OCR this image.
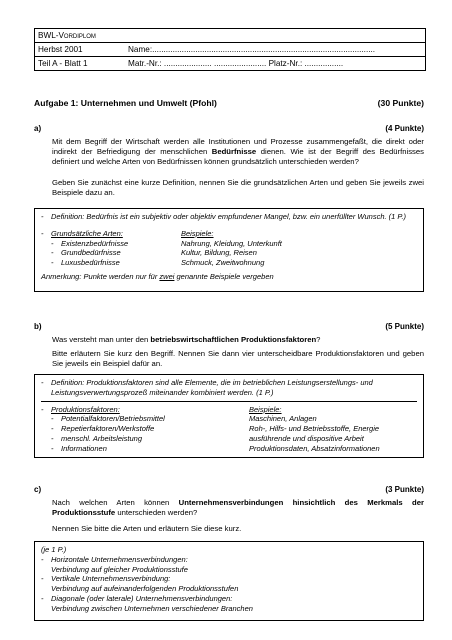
BWL-Vordiplom
Herbst 2001	Name:..................................................................................................
Teil A - Blatt 1	Matr.-Nr.: ..................... ....................... Platz-Nr.: .................
Aufgabe 1: Unternehmen und Umwelt (Pfohl)	(30 Punkte)
a)	(4 Punkte)
Mit dem Begriff der Wirtschaft werden alle Institutionen und Prozesse zusammengefaßt, die direkt oder indirekt der Befriedigung der menschlichen Bedürfnisse dienen. Wie ist der Begriff des Bedürfnisses definiert und welche Arten von Bedürfnissen können grundsätzlich unterschieden werden?
Geben Sie zunächst eine kurze Definition, nennen Sie die grundsätzlichen Arten und geben Sie jeweils zwei Beispiele dazu an.
-	Definition: Bedürfnis ist ein subjektiv oder objektiv empfundener Mangel, bzw. ein unerfüllter Wunsch. (1 P.)
-	Grundsätzliche Arten:	Beispiele:
-	Existenzbedürfnisse	Nahrung, Kleidung, Unterkunft
-	Grundbedürfnisse	Kultur, Bildung, Reisen
-	Luxusbedürfnisse	Schmuck, Zweitwohnung
Anmerkung: Punkte werden nur für zwei genannte Beispiele vergeben
b)	(5 Punkte)
Was versteht man unter den betriebswirtschaftlichen Produktionsfaktoren?
Bitte erläutern Sie kurz den Begriff. Nennen Sie dann vier unterscheidbare Produktionsfaktoren und geben Sie jeweils ein Beispiel dafür an.
-	Definition: Produktionsfaktoren sind alle Elemente, die im betrieblichen Leistungserstellungs- und Leistungsverwertungsprozeß miteinander kombiniert werden. (1 P.)
-	Produktionsfaktoren:	Beispiele:
-	Potentialfaktoren/Betriebsmittel	Maschinen, Anlagen
-	Repetierfaktoren/Werkstoffe	Roh-, Hilfs- und Betriebsstoffe, Energie
-	menschl. Arbeitsleistung	ausführende und dispositive Arbeit
-	Informationen	Produktionsdaten, Absatzinformationen
c)	(3 Punkte)
Nach welchen Arten können Unternehmensverbindungen hinsichtlich des Merkmals der Produktionsstufe unterschieden werden?
Nennen Sie bitte die Arten und erläutern Sie diese kurz.
(je 1 P.)
-	Horizontale Unternehmensverbindungen:
Verbindung auf gleicher Produktionsstufe
-	Vertikale Unternehmensverbindung:
Verbindung auf aufeinanderfolgenden Produktionsstufen
-	Diagonale (oder laterale) Unternehmensverbindungen:
Verbindung zwischen Unternehmen verschiedener Branchen
